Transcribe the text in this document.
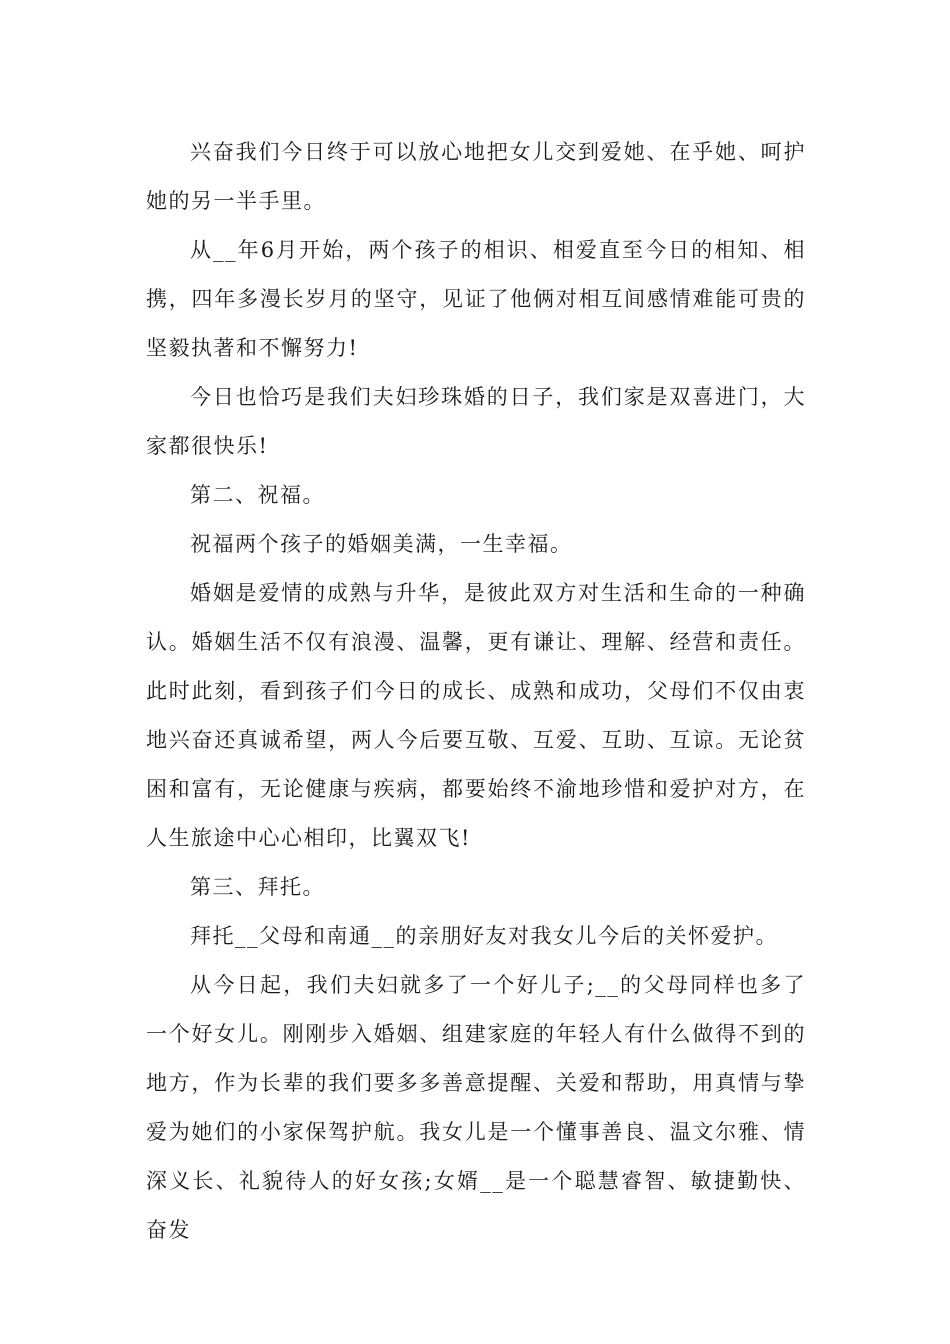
兴奋我们今日终于可以放心地把女儿交到爱她、在乎她、呵护她的另一半手里。

从__年6月开始，两个孩子的相识、相爱直至今日的相知、相携，四年多漫长岁月的坚守，见证了他俩对相互间感情难能可贵的坚毅执著和不懈努力!

今日也恰巧是我们夫妇珍珠婚的日子，我们家是双喜进门，大家都很快乐!

第二、祝福。

祝福两个孩子的婚姻美满，一生幸福。

婚姻是爱情的成熟与升华，是彼此双方对生活和生命的一种确认。婚姻生活不仅有浪漫、温馨，更有谦让、理解、经营和责任。此时此刻，看到孩子们今日的成长、成熟和成功，父母们不仅由衷地兴奋还真诚希望，两人今后要互敬、互爱、互助、互谅。无论贫困和富有，无论健康与疾病，都要始终不渝地珍惜和爱护对方，在人生旅途中心心相印，比翼双飞!

第三、拜托。

拜托__父母和南通__的亲朋好友对我女儿今后的关怀爱护。

从今日起，我们夫妇就多了一个好儿子;__的父母同样也多了一个好女儿。刚刚步入婚姻、组建家庭的年轻人有什么做得不到的地方，作为长辈的我们要多多善意提醒、关爱和帮助，用真情与挚爱为她们的小家保驾护航。我女儿是一个懂事善良、温文尔雅、情深义长、礼貌待人的好女孩;女婿__是一个聪慧睿智、敏捷勤快、奋发
